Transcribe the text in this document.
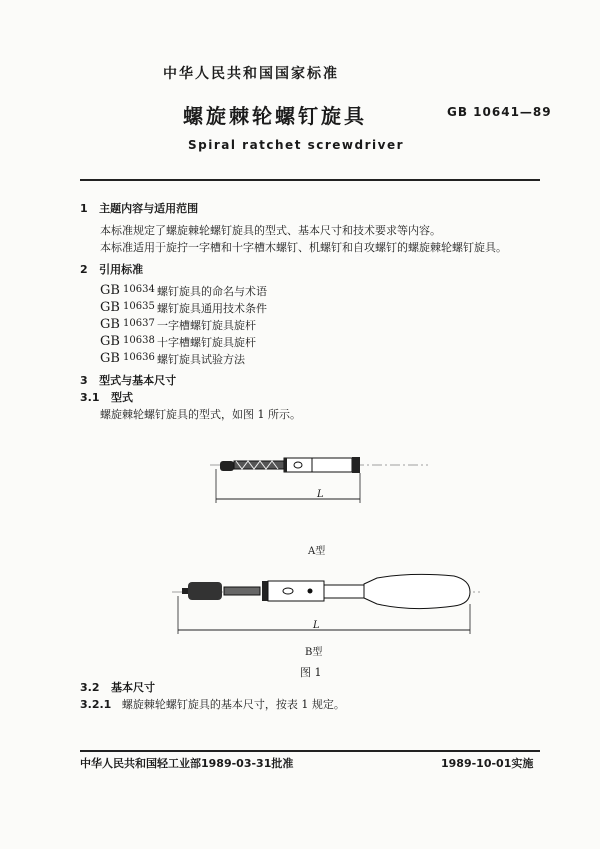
中华人民共和国国家标准
螺旋棘轮螺钉旋具	GB 10641—89
Spiral ratchet screwdriver
1 主题内容与适用范围
本标准规定了螺旋棘轮螺钉旋具的型式、基本尺寸和技术要求等内容。
本标准适用于旋拧一字槽和十字槽木螺钉、机螺钉和自攻螺钉的螺旋棘轮螺钉旋具。
2 引用标准
GB 10634 螺钉旋具的命名与术语
GB 10635 螺钉旋具通用技术条件
GB 10637 一字槽螺钉旋具旋杆
GB 10638 十字槽螺钉旋具旋杆
GB 10636 螺钉旋具试验方法
3 型式与基本尺寸
3.1 型式
螺旋棘轮螺钉旋具的型式，如图 1 所示。
L
A型
L
B型
图 1
3.2 基本尺寸
3.2.1 螺旋棘轮螺钉旋具的基本尺寸，按表 1 规定。
中华人民共和国轻工业部1989-03-31批准	1989-10-01实施
